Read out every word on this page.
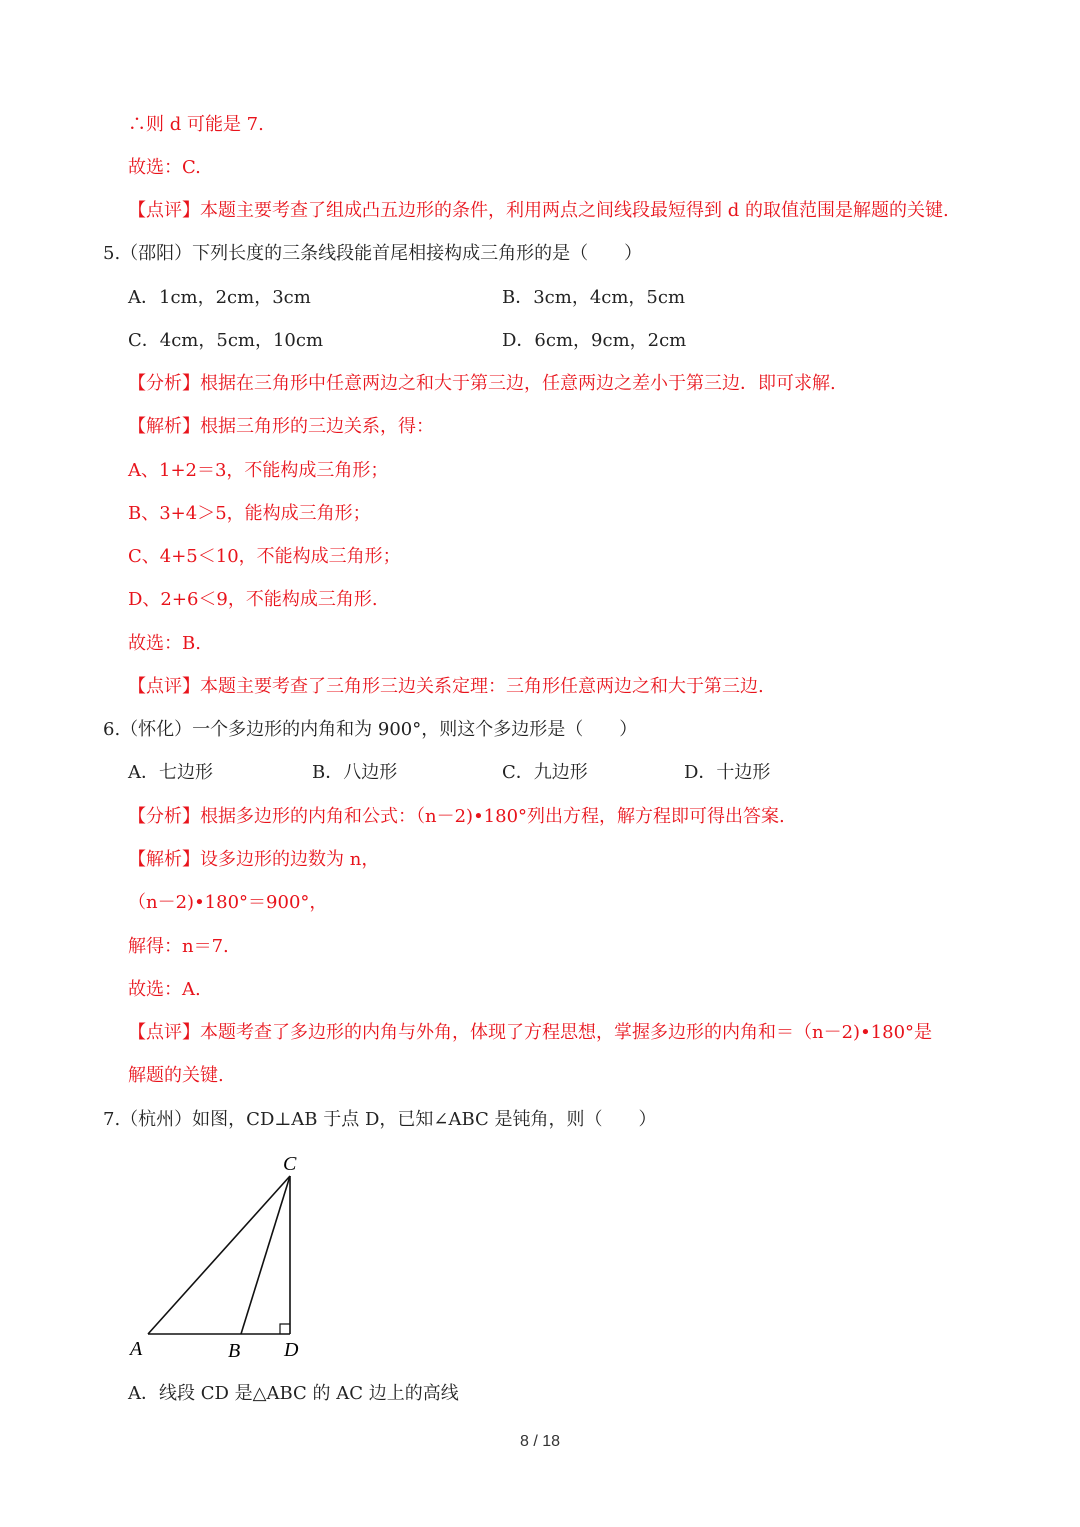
∴则 d 可能是 7.
故选：C.
【点评】本题主要考查了组成凸五边形的条件，利用两点之间线段最短得到 d 的取值范围是解题的关键.
5.（邵阳）下列长度的三条线段能首尾相接构成三角形的是（　　）
A．1cm，2cm，3cm	B．3cm，4cm，5cm
C．4cm，5cm，10cm	D．6cm，9cm，2cm
【分析】根据在三角形中任意两边之和大于第三边，任意两边之差小于第三边．即可求解.
【解析】根据三角形的三边关系，得：
A、1+2＝3，不能构成三角形；
B、3+4＞5，能构成三角形；
C、4+5＜10，不能构成三角形；
D、2+6＜9，不能构成三角形.
故选：B.
【点评】本题主要考查了三角形三边关系定理：三角形任意两边之和大于第三边.
6.（怀化）一个多边形的内角和为 900°，则这个多边形是（　　）
A．七边形	B．八边形	C．九边形	D．十边形
【分析】根据多边形的内角和公式：（n－2)•180°列出方程，解方程即可得出答案.
【解析】设多边形的边数为 n，
（n－2)•180°＝900°，
解得：n＝7.
故选：A.
【点评】本题考查了多边形的内角与外角，体现了方程思想，掌握多边形的内角和＝（n－2)•180°是
解题的关键.
7.（杭州）如图，CD⊥AB 于点 D，已知∠ABC 是钝角，则（　　）
C
A	B D
A．线段 CD 是△ABC 的 AC 边上的高线
8 / 18
